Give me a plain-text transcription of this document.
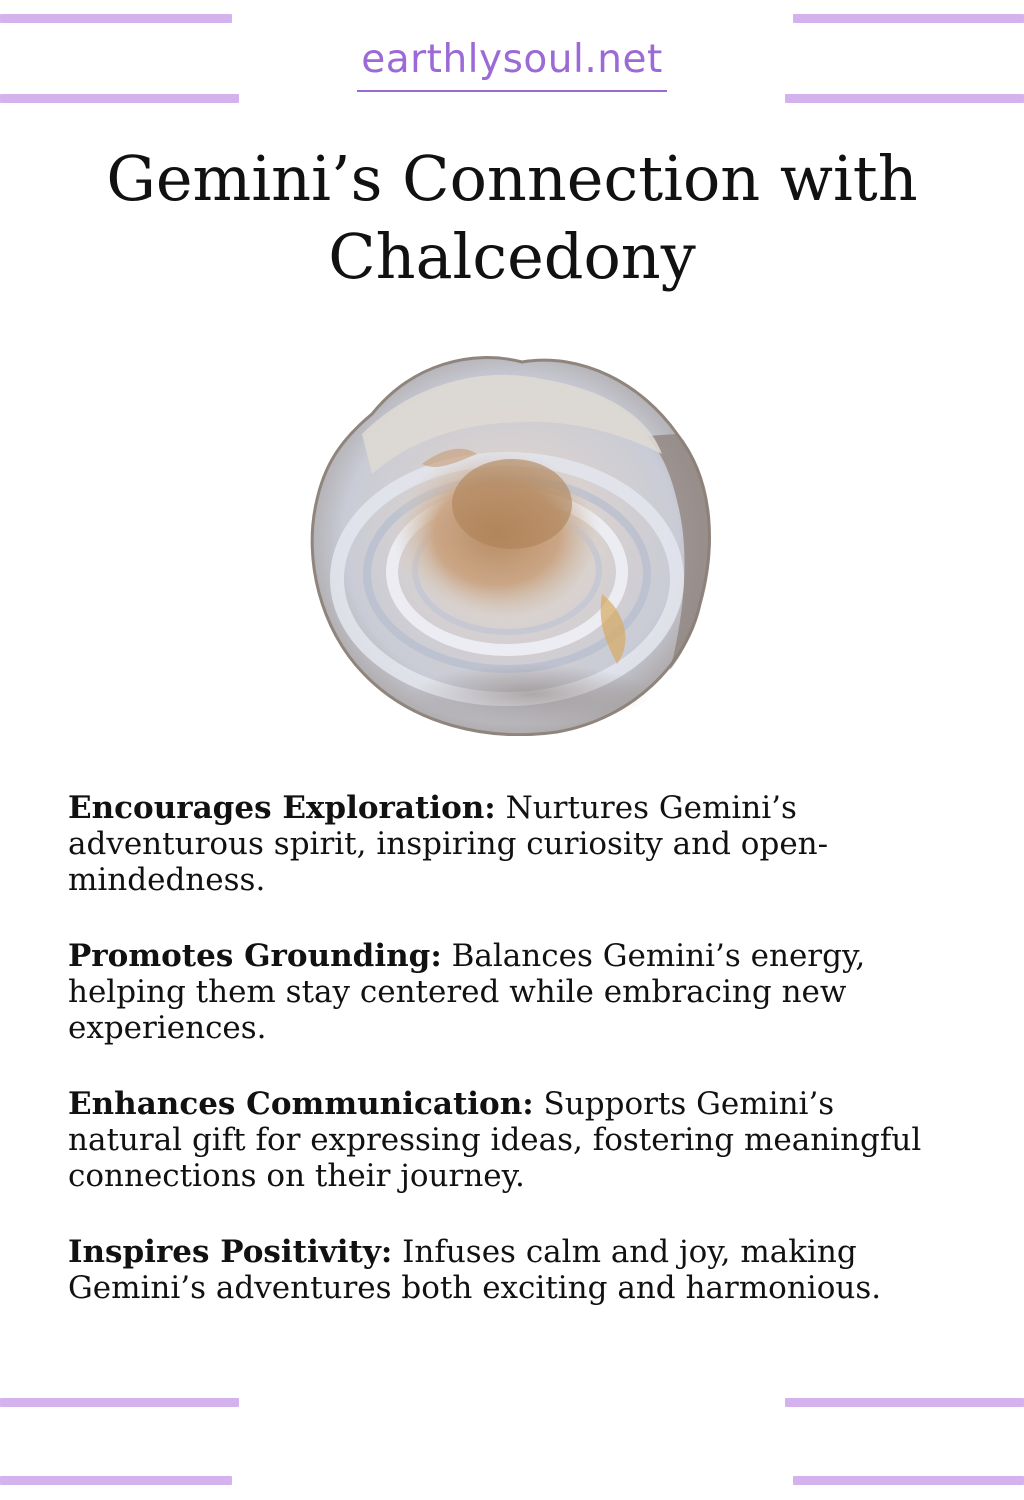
earthlysoul.net
Gemini’s Connection with
Chalcedony

Encourages Exploration: Nurtures Gemini’s adventurous spirit, inspiring curiosity and open-mindedness.

Promotes Grounding: Balances Gemini’s energy, helping them stay centered while embracing new experiences.

Enhances Communication: Supports Gemini’s natural gift for expressing ideas, fostering meaningful connections on their journey.

Inspires Positivity: Infuses calm and joy, making Gemini’s adventures both exciting and harmonious.
